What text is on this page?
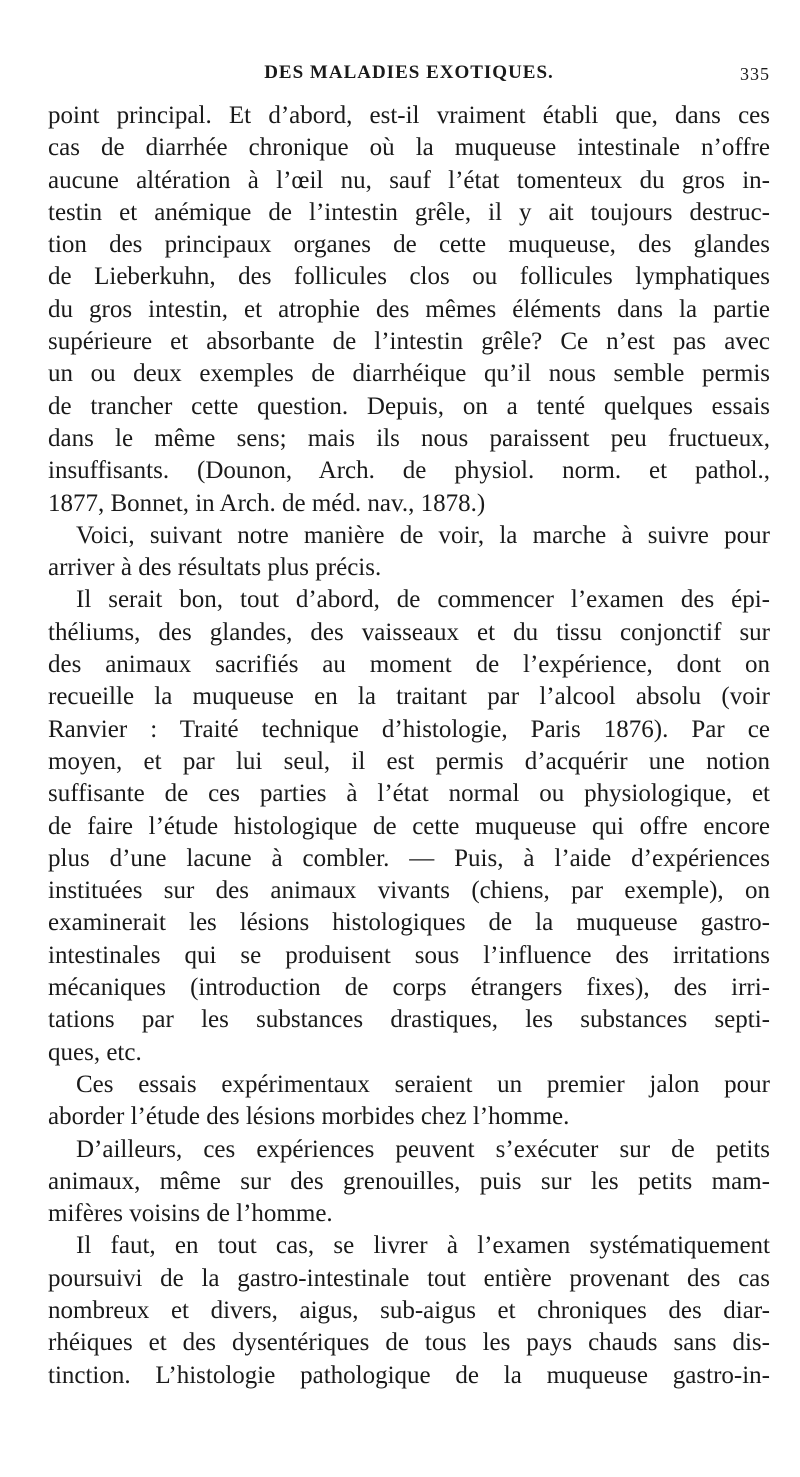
DES MALADIES EXOTIQUES.	335
point principal. Et d’abord, est-il vraiment établi que, dans ces
cas de diarrhée chronique où la muqueuse intestinale n’offre
aucune altération à l’œil nu, sauf l’état tomenteux du gros in-
testin et anémique de l’intestin grêle, il y ait toujours destruc-
tion des principaux organes de cette muqueuse, des glandes
de Lieberkuhn, des follicules clos ou follicules lymphatiques
du gros intestin, et atrophie des mêmes éléments dans la partie
supérieure et absorbante de l’intestin grêle? Ce n’est pas avec
un ou deux exemples de diarrhéique qu’il nous semble permis
de trancher cette question. Depuis, on a tenté quelques essais
dans le même sens; mais ils nous paraissent peu fructueux,
insuffisants. (Dounon, Arch. de physiol. norm. et pathol.,
1877, Bonnet, in Arch. de méd. nav., 1878.)
Voici, suivant notre manière de voir, la marche à suivre pour
arriver à des résultats plus précis.
Il serait bon, tout d’abord, de commencer l’examen des épi-
théliums, des glandes, des vaisseaux et du tissu conjonctif sur
des animaux sacrifiés au moment de l’expérience, dont on
recueille la muqueuse en la traitant par l’alcool absolu (voir
Ranvier : Traité technique d’histologie, Paris 1876). Par ce
moyen, et par lui seul, il est permis d’acquérir une notion
suffisante de ces parties à l’état normal ou physiologique, et
de faire l’étude histologique de cette muqueuse qui offre encore
plus d’une lacune à combler. — Puis, à l’aide d’expériences
instituées sur des animaux vivants (chiens, par exemple), on
examinerait les lésions histologiques de la muqueuse gastro-
intestinales qui se produisent sous l’influence des irritations
mécaniques (introduction de corps étrangers fixes), des irri-
tations par les substances drastiques, les substances septi-
ques, etc.
Ces essais expérimentaux seraient un premier jalon pour
aborder l’étude des lésions morbides chez l’homme.
D’ailleurs, ces expériences peuvent s’exécuter sur de petits
animaux, même sur des grenouilles, puis sur les petits mam-
mifères voisins de l’homme.
Il faut, en tout cas, se livrer à l’examen systématiquement
poursuivi de la gastro-intestinale tout entière provenant des cas
nombreux et divers, aigus, sub-aigus et chroniques des diar-
rhéiques et des dysentériques de tous les pays chauds sans dis-
tinction. L’histologie pathologique de la muqueuse gastro-in-
